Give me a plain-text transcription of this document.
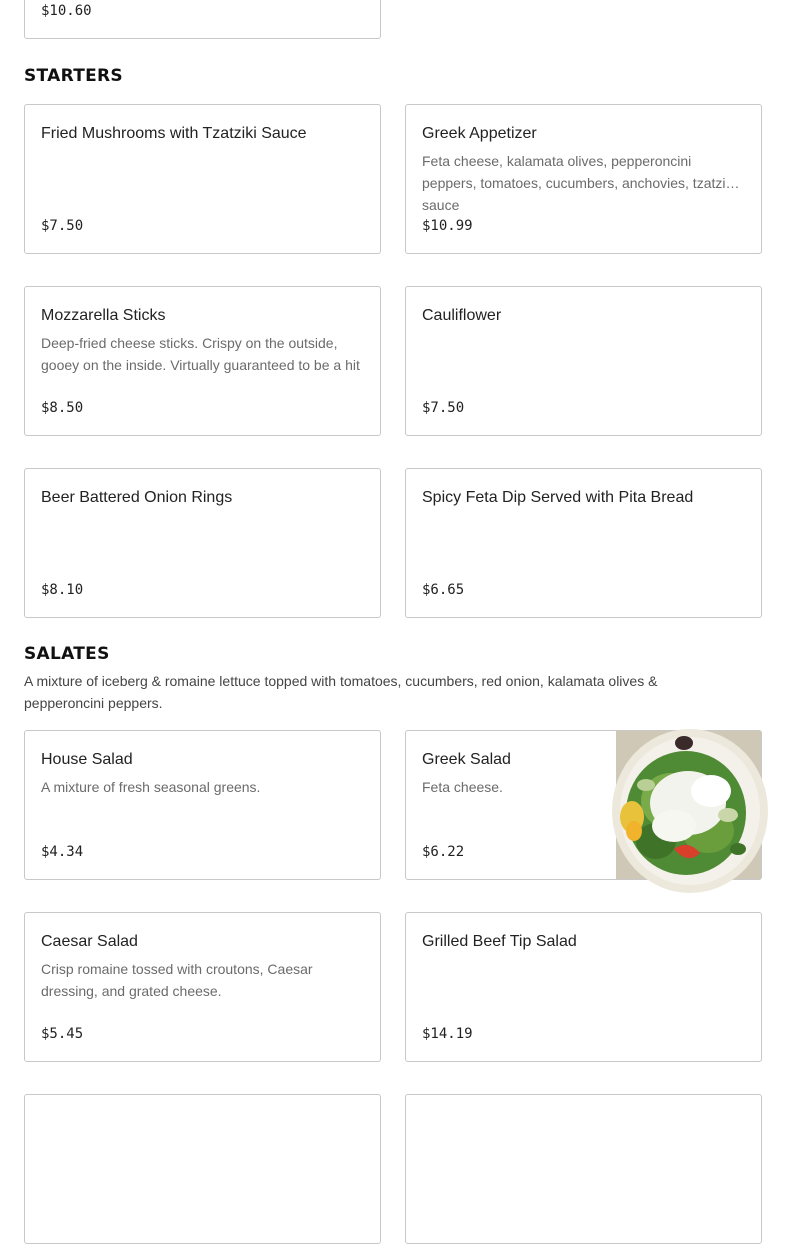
$10.60
STARTERS
Fried Mushrooms with Tzatziki Sauce
$7.50
Greek Appetizer
Feta cheese, kalamata olives, pepperoncini peppers, tomatoes, cucumbers, anchovies, tzatziki sauce
$10.99
Mozzarella Sticks
Deep-fried cheese sticks. Crispy on the outside, gooey on the inside. Virtually guaranteed to be a hit
$8.50
Cauliflower
$7.50
Beer Battered Onion Rings
$8.10
Spicy Feta Dip Served with Pita Bread
$6.65
SALATES
A mixture of iceberg & romaine lettuce topped with tomatoes, cucumbers, red onion, kalamata olives & pepperoncini peppers.
House Salad
A mixture of fresh seasonal greens.
$4.34
Greek Salad
Feta cheese.
$6.22
Caesar Salad
Crisp romaine tossed with croutons, Caesar dressing, and grated cheese.
$5.45
Grilled Beef Tip Salad
$14.19
